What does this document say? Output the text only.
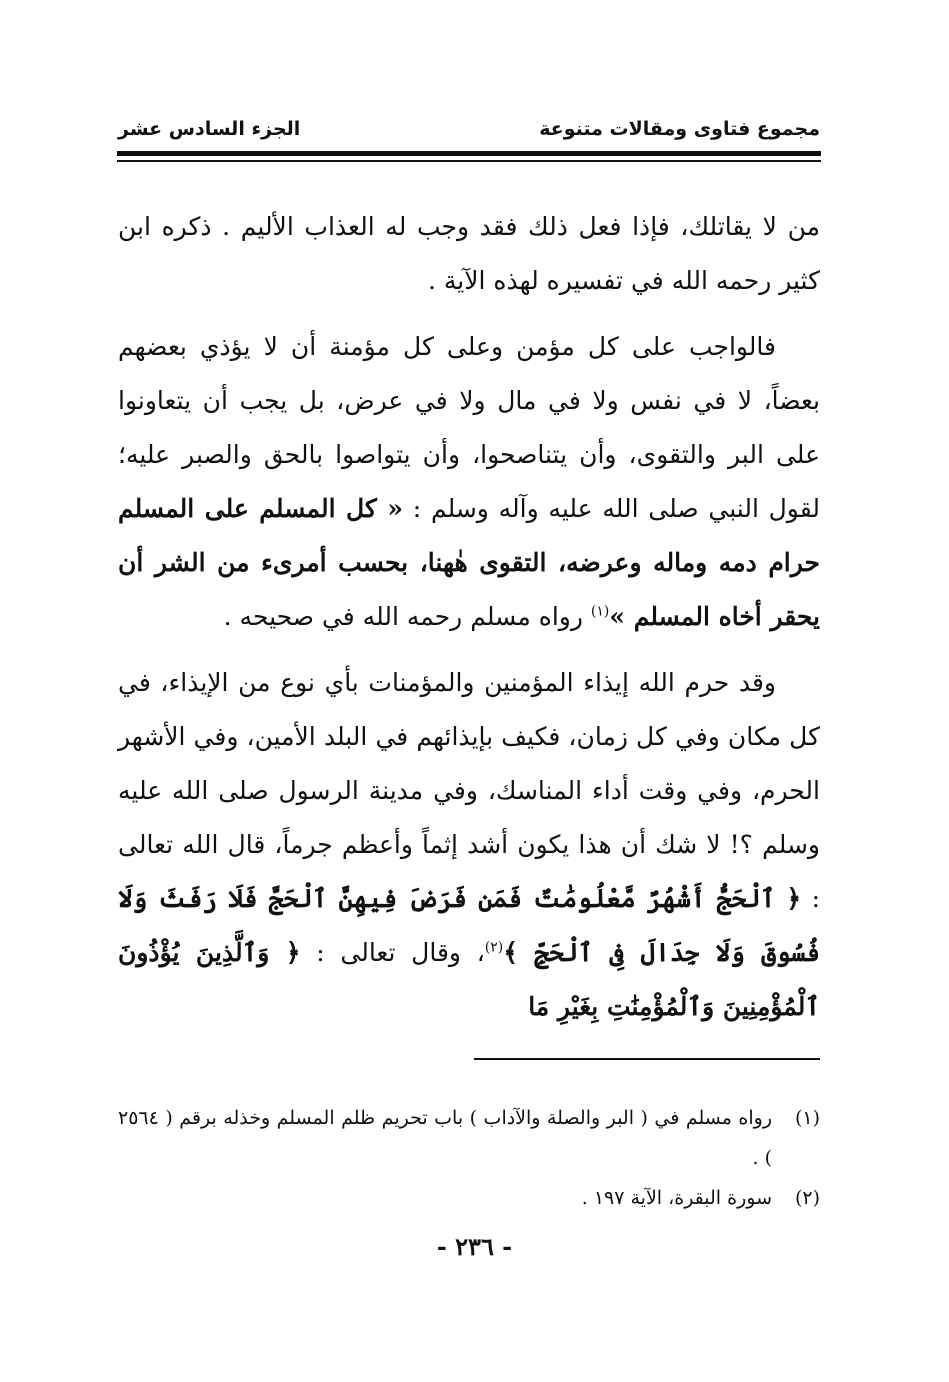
الجزء السادس عشر	مجموع فتاوى ومقالات متنوعة

من لا يقاتلك، فإذا فعل ذلك فقد وجب له العذاب الأليم . ذكره ابن كثير رحمه الله في تفسيره لهذه الآية .

فالواجب على كل مؤمن وعلى كل مؤمنة أن لا يؤذي بعضهم بعضاً، لا في نفس ولا في مال ولا في عرض، بل يجب أن يتعاونوا على البر والتقوى، وأن يتناصحوا، وأن يتواصوا بالحق والصبر عليه؛ لقول النبي صلى الله عليه وآله وسلم : « كل المسلم على المسلم حرام دمه وماله وعرضه، التقوى هٰهنا، بحسب أمرىء من الشر أن يحقر أخاه المسلم »$^{(١)}$ رواه مسلم رحمه الله في صحيحه .

وقد حرم الله إيذاء المؤمنين والمؤمنات بأي نوع من الإيذاء، في كل مكان وفي كل زمان، فكيف بإيذائهم في البلد الأمين، وفي الأشهر الحرم، وفي وقت أداء المناسك، وفي مدينة الرسول صلى الله عليه وسلم ؟! لا شك أن هذا يكون أشد إثماً وأعظم جرماً، قال الله تعالى : ﴿ ٱلْحَجُّ أَشْهُرٌ مَّعْلُومَٰتٌ فَمَن فَرَضَ فِيهِنَّ ٱلْحَجَّ فَلَا رَفَثَ وَلَا فُسُوقَ وَلَا جِدَالَ فِى ٱلْحَجِّ ﴾$^{(٢)}$، وقال تعالى : ﴿ وَٱلَّذِينَ يُؤْذُونَ ٱلْمُؤْمِنِينَ وَٱلْمُؤْمِنَٰتِ بِغَيْرِ مَا

(١)
رواه مسلم في ( البر والصلة والآداب ) باب تحريم ظلم المسلم وخذله برقم ( ٢٥٦٤ ) .
(٢)
سورة البقرة، الآية ١٩٧ .
- ٢٣٦ -
